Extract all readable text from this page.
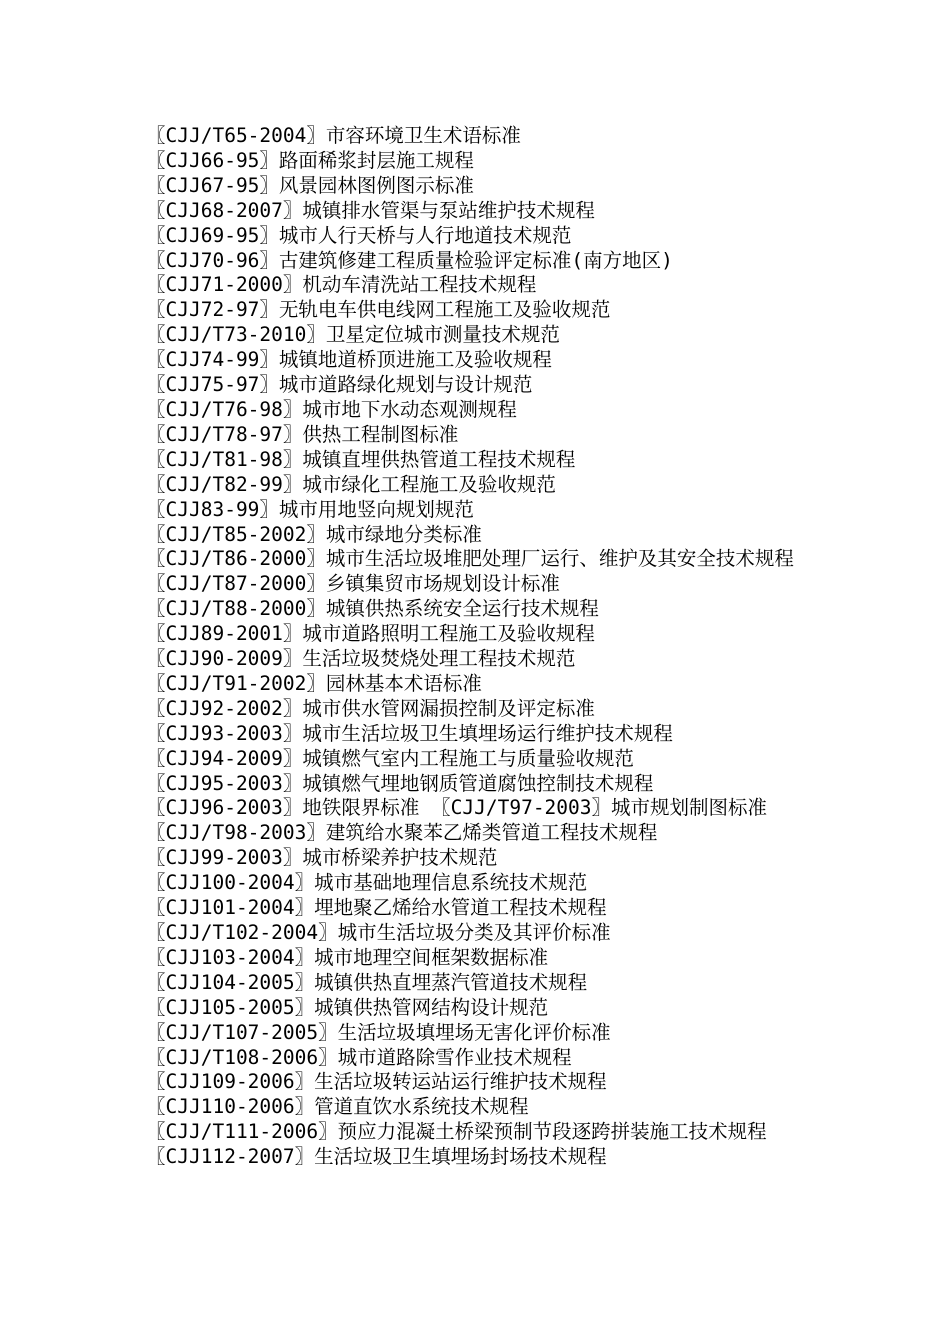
〖CJJ/T65-2004〗市容环境卫生术语标准
〖CJJ66-95〗路面稀浆封层施工规程
〖CJJ67-95〗风景园林图例图示标准
〖CJJ68-2007〗城镇排水管渠与泵站维护技术规程
〖CJJ69-95〗城市人行天桥与人行地道技术规范
〖CJJ70-96〗古建筑修建工程质量检验评定标准(南方地区)
〖CJJ71-2000〗机动车清洗站工程技术规程
〖CJJ72-97〗无轨电车供电线网工程施工及验收规范
〖CJJ/T73-2010〗卫星定位城市测量技术规范
〖CJJ74-99〗城镇地道桥顶进施工及验收规程
〖CJJ75-97〗城市道路绿化规划与设计规范
〖CJJ/T76-98〗城市地下水动态观测规程
〖CJJ/T78-97〗供热工程制图标准
〖CJJ/T81-98〗城镇直埋供热管道工程技术规程
〖CJJ/T82-99〗城市绿化工程施工及验收规范
〖CJJ83-99〗城市用地竖向规划规范
〖CJJ/T85-2002〗城市绿地分类标准
〖CJJ/T86-2000〗城市生活垃圾堆肥处理厂运行、维护及其安全技术规程
〖CJJ/T87-2000〗乡镇集贸市场规划设计标准
〖CJJ/T88-2000〗城镇供热系统安全运行技术规程
〖CJJ89-2001〗城市道路照明工程施工及验收规程
〖CJJ90-2009〗生活垃圾焚烧处理工程技术规范
〖CJJ/T91-2002〗园林基本术语标准
〖CJJ92-2002〗城市供水管网漏损控制及评定标准
〖CJJ93-2003〗城市生活垃圾卫生填埋场运行维护技术规程
〖CJJ94-2009〗城镇燃气室内工程施工与质量验收规范
〖CJJ95-2003〗城镇燃气埋地钢质管道腐蚀控制技术规程
〖CJJ96-2003〗地铁限界标准 〖CJJ/T97-2003〗城市规划制图标准
〖CJJ/T98-2003〗建筑给水聚苯乙烯类管道工程技术规程
〖CJJ99-2003〗城市桥梁养护技术规范
〖CJJ100-2004〗城市基础地理信息系统技术规范
〖CJJ101-2004〗埋地聚乙烯给水管道工程技术规程
〖CJJ/T102-2004〗城市生活垃圾分类及其评价标准
〖CJJ103-2004〗城市地理空间框架数据标准
〖CJJ104-2005〗城镇供热直埋蒸汽管道技术规程
〖CJJ105-2005〗城镇供热管网结构设计规范
〖CJJ/T107-2005〗生活垃圾填埋场无害化评价标准
〖CJJ/T108-2006〗城市道路除雪作业技术规程
〖CJJ109-2006〗生活垃圾转运站运行维护技术规程
〖CJJ110-2006〗管道直饮水系统技术规程
〖CJJ/T111-2006〗预应力混凝土桥梁预制节段逐跨拼装施工技术规程
〖CJJ112-2007〗生活垃圾卫生填埋场封场技术规程
